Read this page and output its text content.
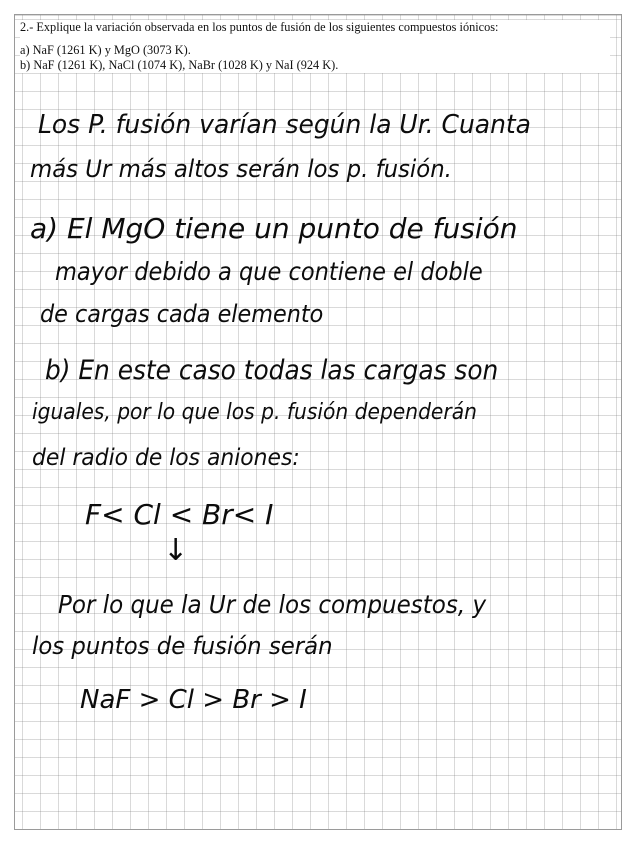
2.- Explique la variación observada en los puntos de fusión de los siguientes compuestos iónicos:

a) NaF (1261 K) y MgO (3073 K).

b) NaF (1261 K), NaCl (1074 K), NaBr (1028 K) y NaI (924 K).

Los P. fusión varían según la Ur. Cuanta
más Ur más altos serán los p. fusión.
a) El MgO tiene un punto de fusión
mayor debido a que contiene el doble
de cargas cada elemento
b) En este caso todas las cargas son
iguales, por lo que los p. fusión dependerán
del radio de los aniones:
F< Cl < Br< I
↓
Por lo que la Ur de los compuestos, y
los puntos de fusión serán
NaF > Cl > Br > I
